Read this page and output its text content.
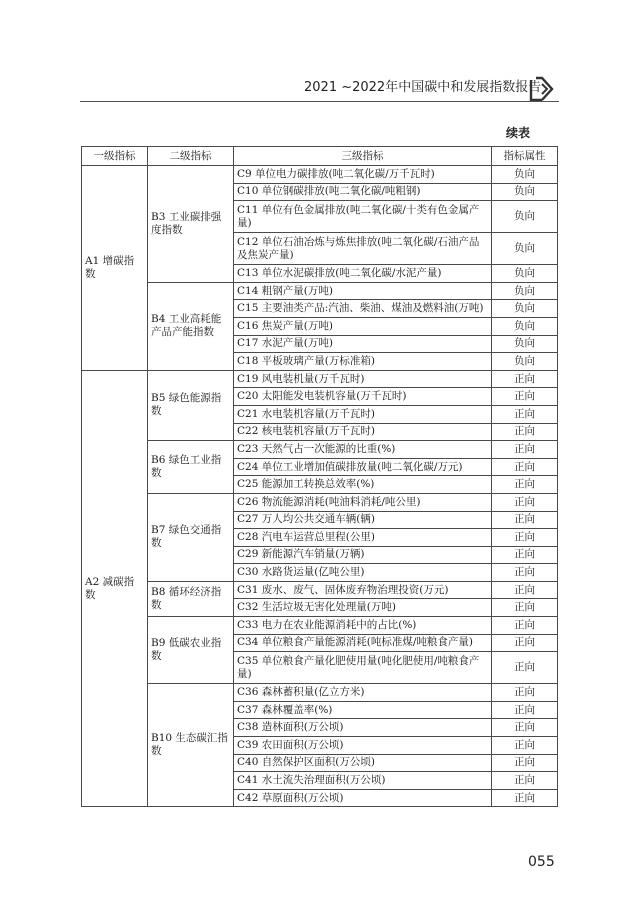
2021 ~2022年中国碳中和发展指数报告
续表
一级指标	二级指标	三级指标	指标属性
A1 增碳指数	B3 工业碳排强度指数	C9 单位电力碳排放(吨二氧化碳/万千瓦时)	负向
		C10 单位钢碳排放(吨二氧化碳/吨粗钢)	负向
		C11 单位有色金属排放(吨二氧化碳/十类有色金属产量)	负向
		C12 单位石油冶炼与炼焦排放(吨二氧化碳/石油产品及焦炭产量)	负向
		C13 单位水泥碳排放(吨二氧化碳/水泥产量)	负向
	B4 工业高耗能产品产能指数	C14 粗钢产量(万吨)	负向
		C15 主要油类产品:汽油、柴油、煤油及燃料油(万吨)	负向
		C16 焦炭产量(万吨)	负向
		C17 水泥产量(万吨)	负向
		C18 平板玻璃产量(万标准箱)	负向
A2 减碳指数	B5 绿色能源指数	C19 风电装机量(万千瓦时)	正向
		C20 太阳能发电装机容量(万千瓦时)	正向
		C21 水电装机容量(万千瓦时)	正向
		C22 核电装机容量(万千瓦时)	正向
	B6 绿色工业指数	C23 天然气占一次能源的比重(%)	正向
		C24 单位工业增加值碳排放量(吨二氧化碳/万元)	正向
		C25 能源加工转换总效率(%)	正向
	B7 绿色交通指数	C26 物流能源消耗(吨油料消耗/吨公里)	正向
		C27 万人均公共交通车辆(辆)	正向
		C28 汽电车运营总里程(公里)	正向
		C29 新能源汽车销量(万辆)	正向
		C30 水路货运量(亿吨公里)	正向
	B8 循环经济指数	C31 废水、废气、固体废弃物治理投资(万元)	正向
		C32 生活垃圾无害化处理量(万吨)	正向
	B9 低碳农业指数	C33 电力在农业能源消耗中的占比(%)	正向
		C34 单位粮食产量能源消耗(吨标准煤/吨粮食产量)	正向
		C35 单位粮食产量化肥使用量(吨化肥使用/吨粮食产量)	正向
	B10 生态碳汇指数	C36 森林蓄积量(亿立方米)	正向
		C37 森林覆盖率(%)	正向
		C38 造林面积(万公顷)	正向
		C39 农田面积(万公顷)	正向
		C40 自然保护区面积(万公顷)	正向
		C41 水土流失治理面积(万公顷)	正向
		C42 草原面积(万公顷)	正向
055
